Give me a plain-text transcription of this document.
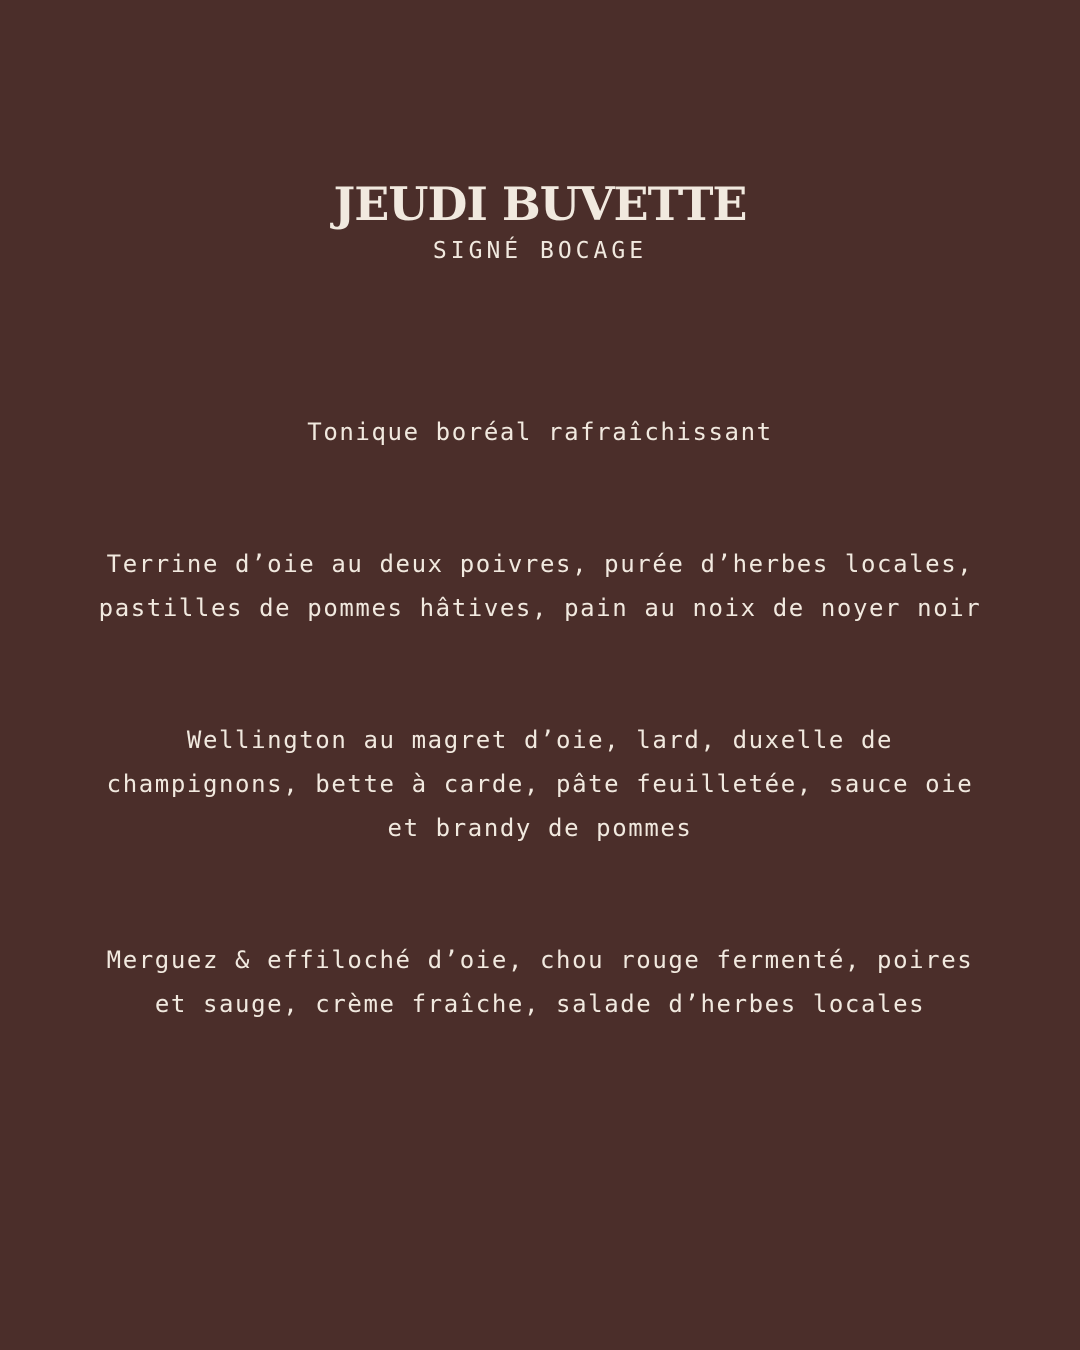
JEUDI BUVETTE
SIGNÉ BOCAGE
Tonique boréal rafraîchissant
Terrine d’oie au deux poivres, purée d’herbes locales, pastilles de pommes hâtives, pain au noix de noyer noir
Wellington au magret d’oie, lard, duxelle de champignons, bette à carde, pâte feuilletée, sauce oie et brandy de pommes
Merguez & effiloché d’oie, chou rouge fermenté, poires et sauge, crème fraîche, salade d’herbes locales
